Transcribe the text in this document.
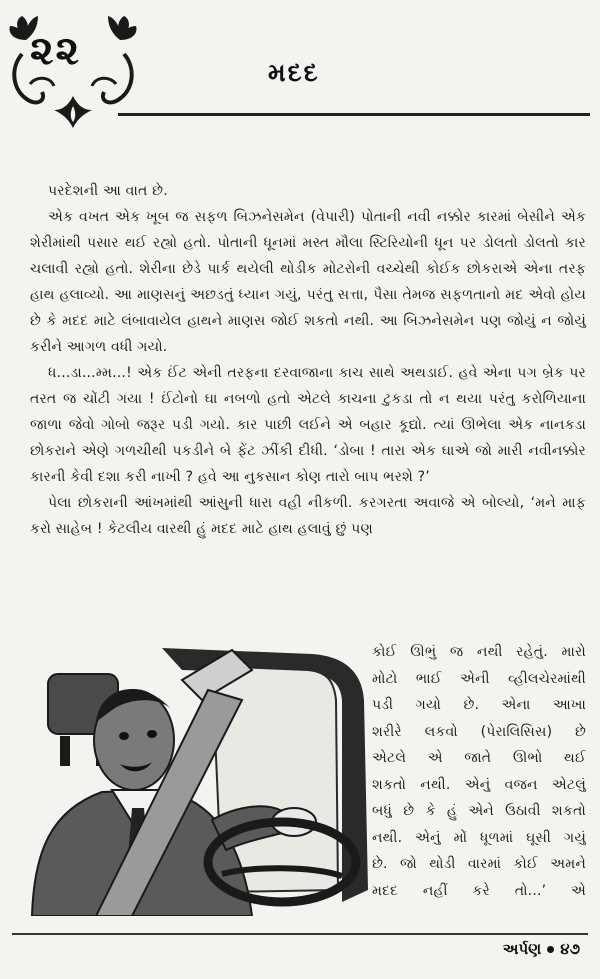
૨૨	મદદ

પરદેશની આ વાત છે.

એક વખત એક ખૂબ જ સફળ બિઝનેસમેન (વેપારી) પોતાની નવી નક્કોર કારમાં બેસીને એક શેરીમાંથી પસાર થઈ રહ્યો હતો. પોતાની ધૂનમાં મસ્ત મૌલા સ્ટિરિયોની ધૂન પર ડોલતો ડોલતો કાર ચલાવી રહ્યો હતો. શેરીના છેડે પાર્ક થયેલી થોડીક મોટરોની વચ્ચેથી કોઈક છોકરાએ એના તરફ હાથ હલાવ્યો. આ માણસનું અછડતું ધ્યાન ગયું, પરંતુ સત્તા, પૈસા તેમજ સફળતાનો મદ એવો હોય છે કે મદદ માટે લંબાવાયેલ હાથને માણસ જોઈ શકતો નથી. આ બિઝનેસમેન પણ જોયું ન જોયું કરીને આગળ વધી ગયો.

ધ...ડા...મ્મ...! એક ઈંટ એની તરફના દરવાજાના કાચ સાથે અથડાઈ. હવે એના પગ બ્રેક પર તરત જ ચોંટી ગયા ! ઈંટોનો ઘા નબળો હતો એટલે કાચના ટુકડા તો ન થયા પરંતુ કરોળિયાના જાળા જેવો ગોબો જરૂર પડી ગયો. કાર પાછી લઈને એ બહાર કૂદ્યો. ત્યાં ઊભેલા એક નાનકડા છોકરાને એણે ગળચીથી પકડીને બે ફેંટ ઝીંકી દીધી. ‘ડોબા ! તારા એક ઘાએ જો મારી નવીનક્કોર કારની કેવી દશા કરી નાખી ? હવે આ નુકસાન કોણ તારો બાપ ભરશે ?’

પેલા છોકરાની આંખમાંથી આંસુની ધારા વહી નીકળી. કરગરતા અવાજે એ બોલ્યો, ‘મને માફ કરો સાહેબ ! કેટલીય વારથી હું મદદ માટે હાથ હલાવું છું પણ

કોઈ ઊભું જ નથી રહેતું. મારો
મોટો ભાઈ એની વ્હીલચેરમાંથી
પડી ગયો છે. એના આખા
શરીરે લકવો (પેરાલિસિસ) છે
એટલે એ જાતે ઊભો થઈ
શકતો નથી. એનું વજન એટલું
બધું છે કે હું એને ઉઠાવી શકતો
નથી. એનું મોં ધૂળમાં ઘૂસી ગયું
છે. જો થોડી વારમાં કોઈ અમને
મદદ નહીં કરે તો...’ એ
અર્પણ ૪૭
